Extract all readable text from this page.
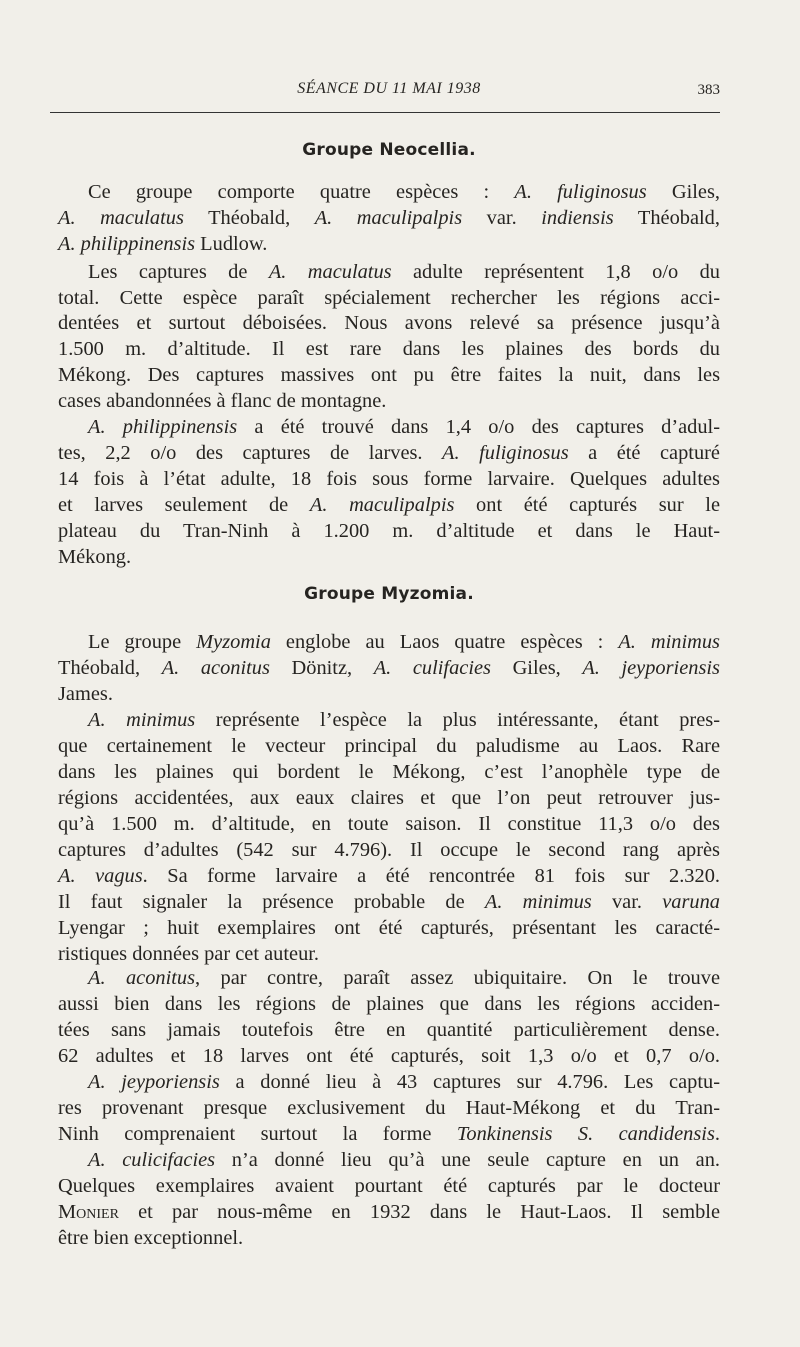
SÉANCE DU 11 MAI 1938	383
Groupe Neocellia.
Ce groupe comporte quatre espèces : A. fuliginosus Giles,
A. maculatus Théobald, A. maculipalpis var. indiensis Théobald,
A. philippinensis Ludlow.
Les captures de A. maculatus adulte représentent 1,8 o/o du
total. Cette espèce paraît spécialement rechercher les régions acci-
dentées et surtout déboisées. Nous avons relevé sa présence jusqu’à
1.500 m. d’altitude. Il est rare dans les plaines des bords du
Mékong. Des captures massives ont pu être faites la nuit, dans les
cases abandonnées à flanc de montagne.
A. philippinensis a été trouvé dans 1,4 o/o des captures d’adul-
tes, 2,2 o/o des captures de larves. A. fuliginosus a été capturé
14 fois à l’état adulte, 18 fois sous forme larvaire. Quelques adultes
et larves seulement de A. maculipalpis ont été capturés sur le
plateau du Tran-Ninh à 1.200 m. d’altitude et dans le Haut-
Mékong.
Groupe Myzomia.
Le groupe Myzomia englobe au Laos quatre espèces : A. minimus
Théobald, A. aconitus Dönitz, A. culifacies Giles, A. jeyporiensis
James.
A. minimus représente l’espèce la plus intéressante, étant pres-
que certainement le vecteur principal du paludisme au Laos. Rare
dans les plaines qui bordent le Mékong, c’est l’anophèle type de
régions accidentées, aux eaux claires et que l’on peut retrouver jus-
qu’à 1.500 m. d’altitude, en toute saison. Il constitue 11,3 o/o des
captures d’adultes (542 sur 4.796). Il occupe le second rang après
A. vagus. Sa forme larvaire a été rencontrée 81 fois sur 2.320.
Il faut signaler la présence probable de A. minimus var. varuna
Lyengar ; huit exemplaires ont été capturés, présentant les caracté-
ristiques données par cet auteur.
A. aconitus, par contre, paraît assez ubiquitaire. On le trouve
aussi bien dans les régions de plaines que dans les régions acciden-
tées sans jamais toutefois être en quantité particulièrement dense.
62 adultes et 18 larves ont été capturés, soit 1,3 o/o et 0,7 o/o.
A. jeyporiensis a donné lieu à 43 captures sur 4.796. Les captu-
res provenant presque exclusivement du Haut-Mékong et du Tran-
Ninh comprenaient surtout la forme Tonkinensis S. candidensis.
A. culicifacies n’a donné lieu qu’à une seule capture en un an.
Quelques exemplaires avaient pourtant été capturés par le docteur
Monier et par nous-même en 1932 dans le Haut-Laos. Il semble
être bien exceptionnel.
